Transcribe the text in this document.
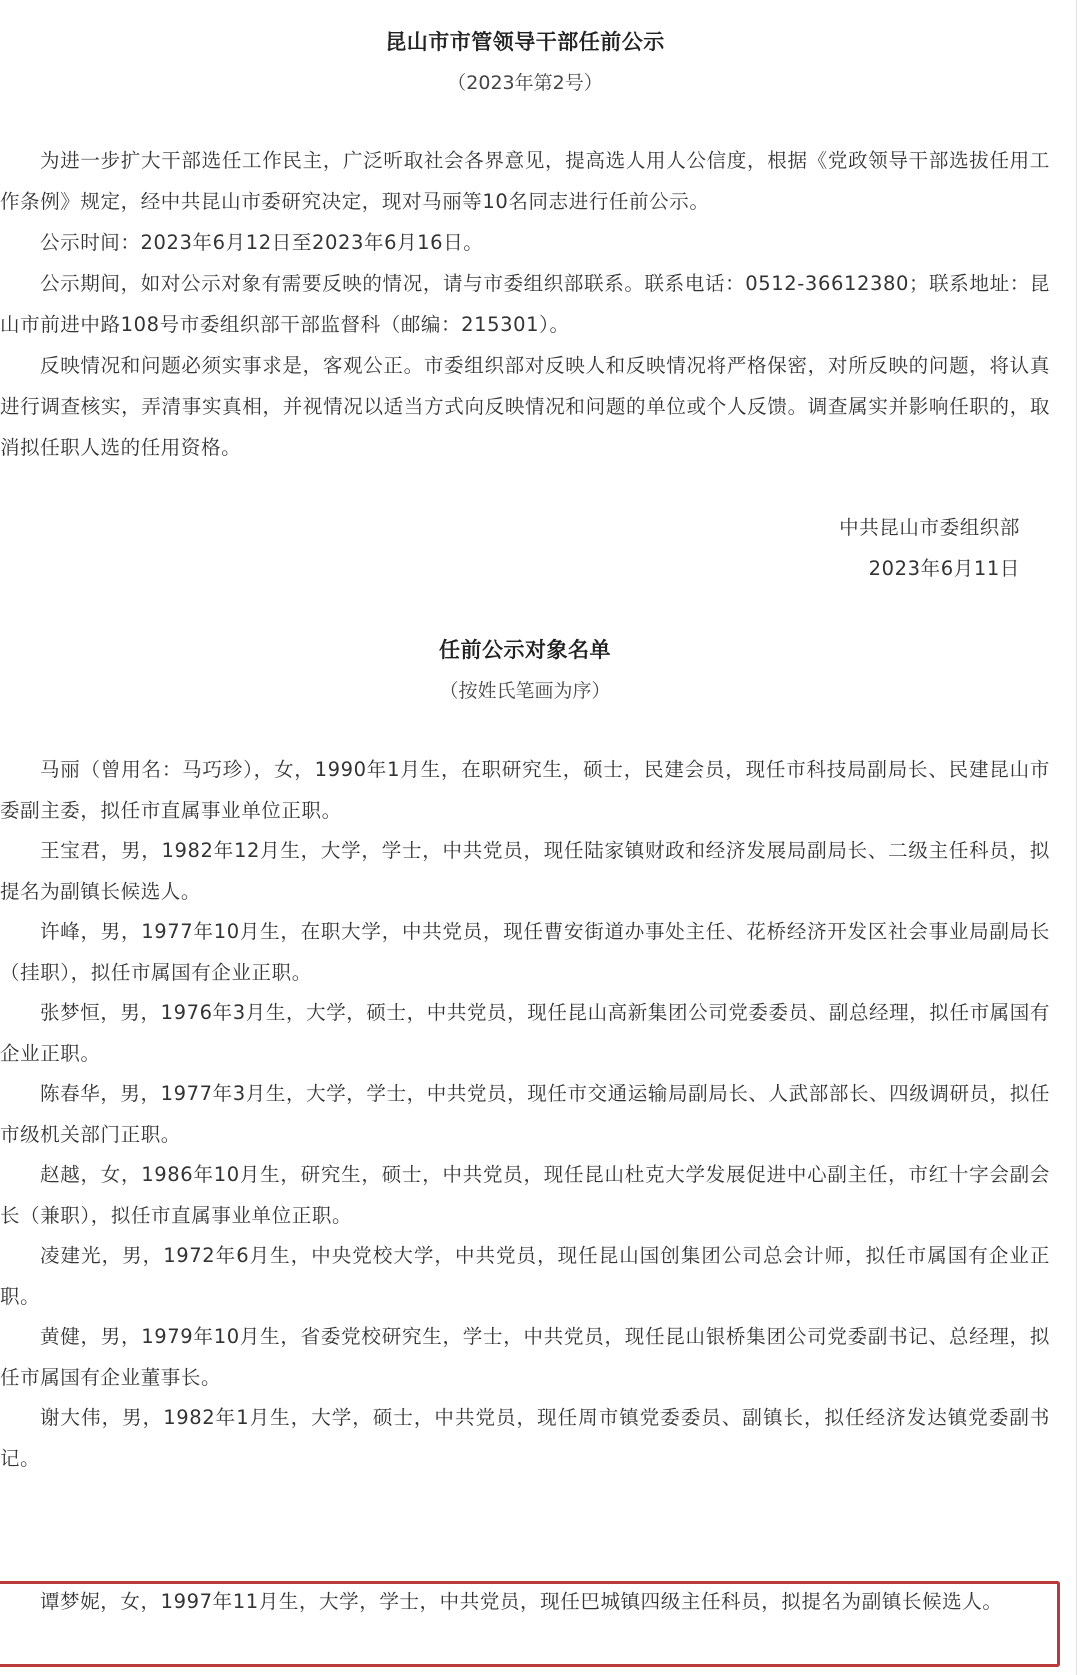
昆山市市管领导干部任前公示
（2023年第2号）
为进一步扩大干部选任工作民主，广泛听取社会各界意见，提高选人用人公信度，根据《党政领导干部选拔任用工作条例》规定，经中共昆山市委研究决定，现对马丽等10名同志进行任前公示。
公示时间：2023年6月12日至2023年6月16日。
公示期间，如对公示对象有需要反映的情况，请与市委组织部联系。联系电话：0512-36612380；联系地址：昆山市前进中路108号市委组织部干部监督科（邮编：215301）。
反映情况和问题必须实事求是，客观公正。市委组织部对反映人和反映情况将严格保密，对所反映的问题，将认真进行调查核实，弄清事实真相，并视情况以适当方式向反映情况和问题的单位或个人反馈。调查属实并影响任职的，取消拟任职人选的任用资格。
中共昆山市委组织部
2023年6月11日
任前公示对象名单
（按姓氏笔画为序）
马丽（曾用名：马巧珍），女，1990年1月生，在职研究生，硕士，民建会员，现任市科技局副局长、民建昆山市委副主委，拟任市直属事业单位正职。
王宝君，男，1982年12月生，大学，学士，中共党员，现任陆家镇财政和经济发展局副局长、二级主任科员，拟提名为副镇长候选人。
许峰，男，1977年10月生，在职大学，中共党员，现任曹安街道办事处主任、花桥经济开发区社会事业局副局长（挂职），拟任市属国有企业正职。
张梦恒，男，1976年3月生，大学，硕士，中共党员，现任昆山高新集团公司党委委员、副总经理，拟任市属国有企业正职。
陈春华，男，1977年3月生，大学，学士，中共党员，现任市交通运输局副局长、人武部部长、四级调研员，拟任市级机关部门正职。
赵越，女，1986年10月生，研究生，硕士，中共党员，现任昆山杜克大学发展促进中心副主任，市红十字会副会长（兼职），拟任市直属事业单位正职。
凌建光，男，1972年6月生，中央党校大学，中共党员，现任昆山国创集团公司总会计师，拟任市属国有企业正职。
黄健，男，1979年10月生，省委党校研究生，学士，中共党员，现任昆山银桥集团公司党委副书记、总经理，拟任市属国有企业董事长。
谢大伟，男，1982年1月生，大学，硕士，中共党员，现任周市镇党委委员、副镇长，拟任经济发达镇党委副书记。
谭梦妮，女，1997年11月生，大学，学士，中共党员，现任巴城镇四级主任科员，拟提名为副镇长候选人。
